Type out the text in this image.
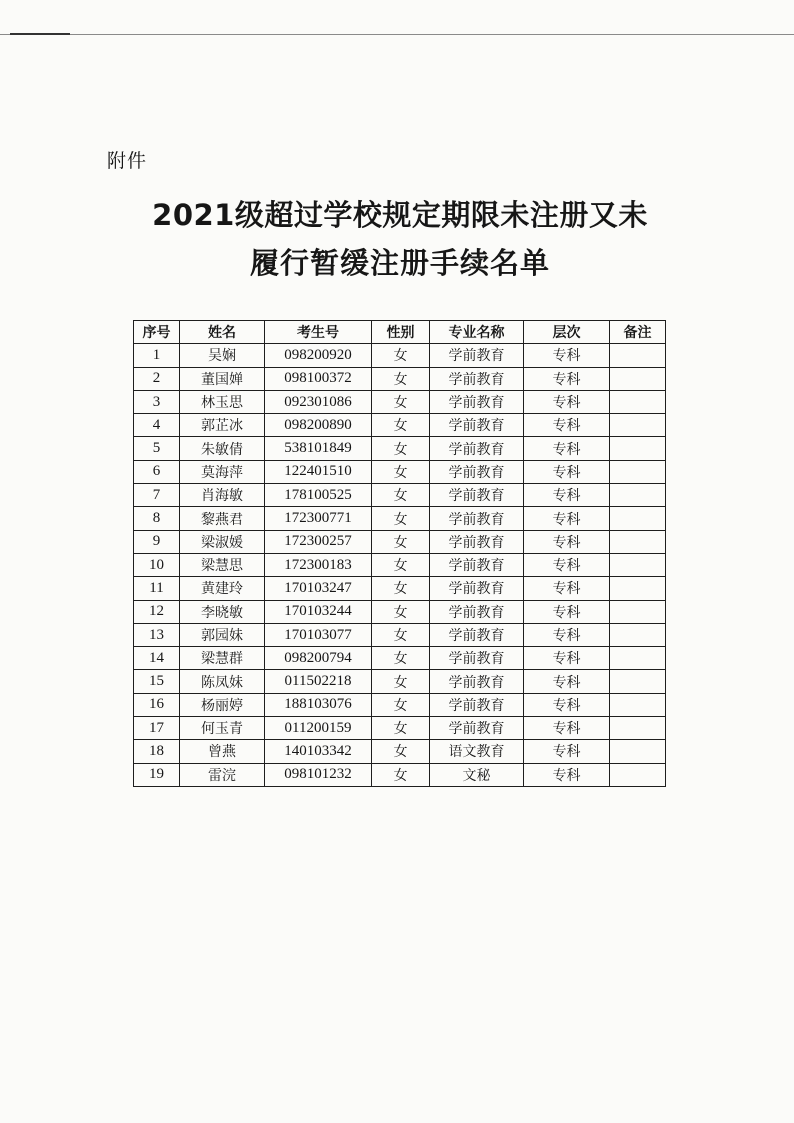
附件
2021级超过学校规定期限未注册又未
履行暂缓注册手续名单
序号	姓名	考生号	性别	专业名称	层次	备注
1	吴娴	098200920	女	学前教育	专科	
2	董国婵	098100372	女	学前教育	专科	
3	林玉思	092301086	女	学前教育	专科	
4	郭芷冰	098200890	女	学前教育	专科	
5	朱敏倩	538101849	女	学前教育	专科	
6	莫海萍	122401510	女	学前教育	专科	
7	肖海敏	178100525	女	学前教育	专科	
8	黎燕君	172300771	女	学前教育	专科	
9	梁淑媛	172300257	女	学前教育	专科	
10	梁慧思	172300183	女	学前教育	专科	
11	黄建玲	170103247	女	学前教育	专科	
12	李晓敏	170103244	女	学前教育	专科	
13	郭园妹	170103077	女	学前教育	专科	
14	梁慧群	098200794	女	学前教育	专科	
15	陈凤妹	011502218	女	学前教育	专科	
16	杨丽婷	188103076	女	学前教育	专科	
17	何玉青	011200159	女	学前教育	专科	
18	曾燕	140103342	女	语文教育	专科	
19	雷浣	098101232	女	文秘	专科	
